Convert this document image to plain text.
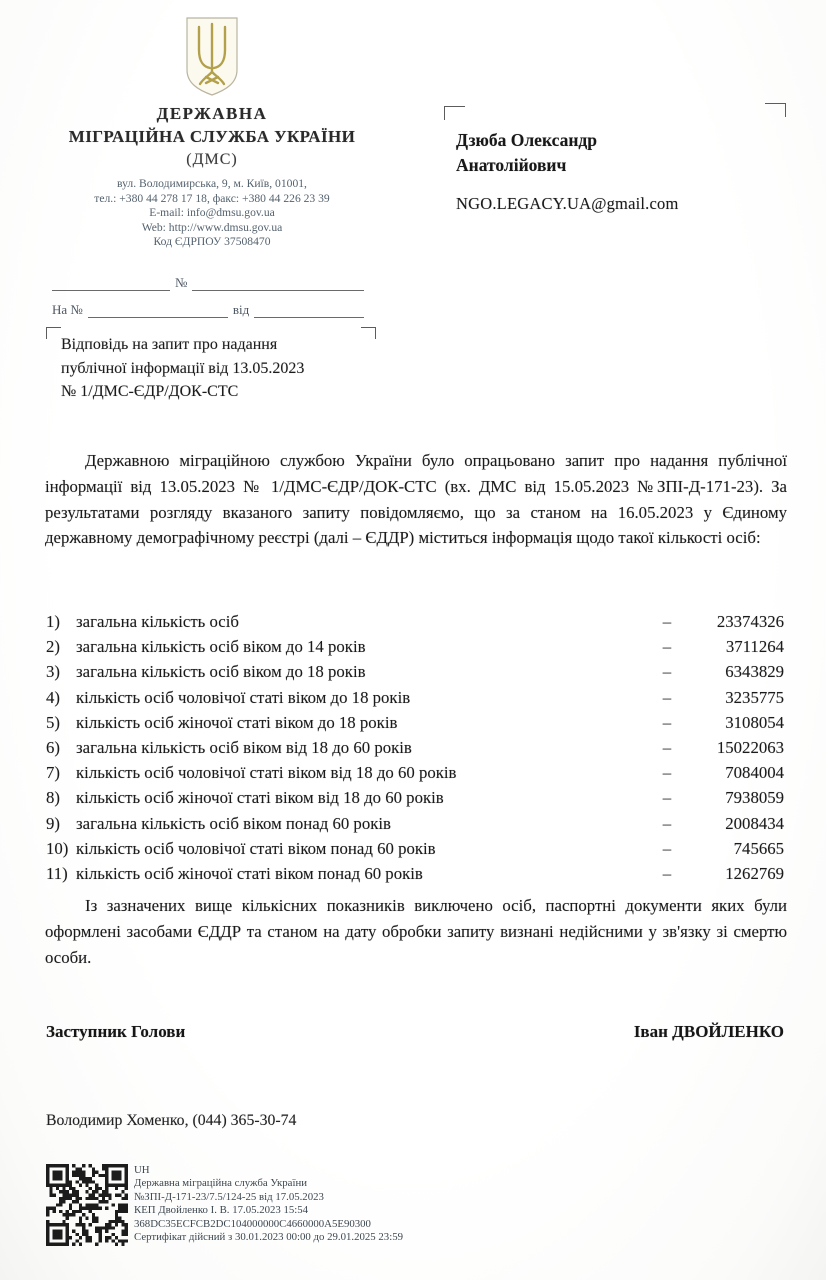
ДЕРЖАВНА
МІГРАЦІЙНА СЛУЖБА УКРАЇНИ
(ДМС)
вул. Володимирська, 9, м. Київ, 01001,
тел.: +380 44 278 17 18, факс: +380 44 226 23 39
E-mail: info@dmsu.gov.ua
Web: http://www.dmsu.gov.ua
Код ЄДРПОУ 37508470
Дзюба Олександр
Анатолійович
NGO.LEGACY.UA@gmail.com
№
На №	від
Відповідь на запит про надання
публічної інформації від 13.05.2023
№ 1/ДМС-ЄДР/ДОК-СТС
Державною міграційною службою України було опрацьовано запит про надання публічної інформації від 13.05.2023 № 1/ДМС-ЄДР/ДОК-СТС (вх. ДМС від 15.05.2023 №ЗПІ-Д-171-23). За результатами розгляду вказаного запиту повідомляємо, що за станом на 16.05.2023 у Єдиному державному демографічному реєстрі (далі – ЄДДР) міститься інформація щодо такої кількості осіб:
1) загальна кількість осіб	–	23374326
2) загальна кількість осіб віком до 14 років	–	3711264
3) загальна кількість осіб віком до 18 років	–	6343829
4) кількість осіб чоловічої статі віком до 18 років	–	3235775
5) кількість осіб жіночої статі віком до 18 років	–	3108054
6) загальна кількість осіб віком від 18 до 60 років	–	15022063
7) кількість осіб чоловічої статі віком від 18 до 60 років	–	7084004
8) кількість осіб жіночої статі віком від 18 до 60 років	–	7938059
9) загальна кількість осіб віком понад 60 років	–	2008434
10) кількість осіб чоловічої статі віком понад 60 років	–	745665
11) кількість осіб жіночої статі віком понад 60 років	–	1262769
Із зазначених вище кількісних показників виключено осіб, паспортні документи яких були оформлені засобами ЄДДР та станом на дату обробки запиту визнані недійсними у зв'язку зі смертю особи.
Заступник Голови	Іван ДВОЙЛЕНКО
Володимир Хоменко, (044) 365-30-74
UH
Державна міграційна служба України
№ЗПІ-Д-171-23/7.5/124-25 від 17.05.2023
КЕП Двойленко І. В. 17.05.2023 15:54
368DC35ECFCB2DC104000000C4660000A5E90300
Сертифікат дійсний з 30.01.2023 00:00 до 29.01.2025 23:59
